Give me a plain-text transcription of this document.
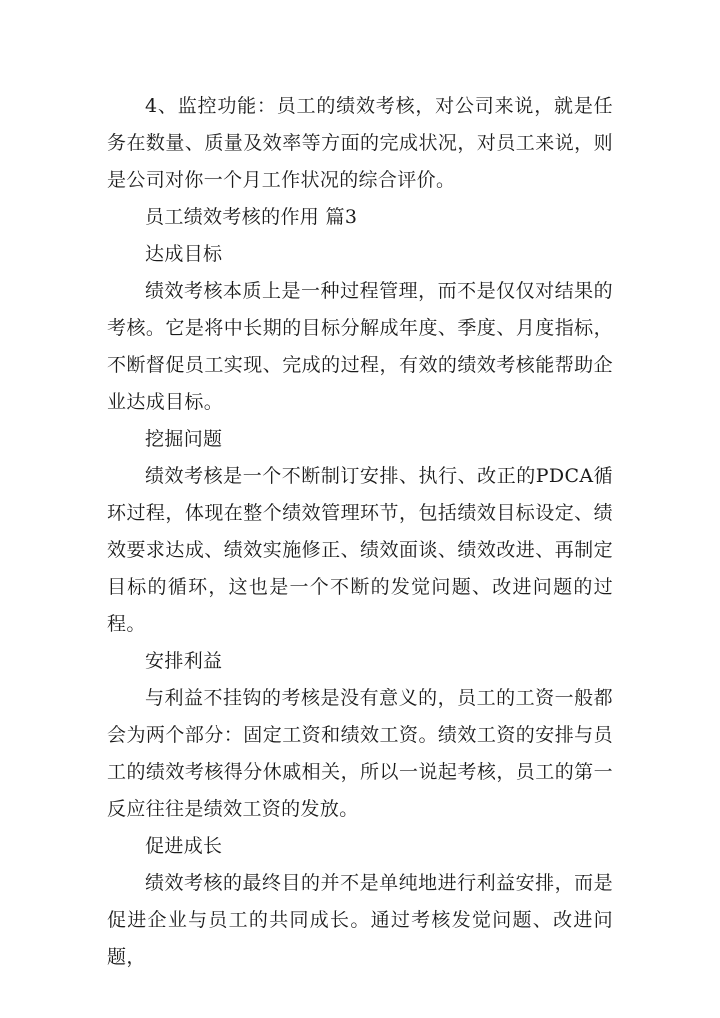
4、监控功能：员工的绩效考核，对公司来说，就是任务在数量、质量及效率等方面的完成状况，对员工来说，则是公司对你一个月工作状况的综合评价。

员工绩效考核的作用 篇3

达成目标

绩效考核本质上是一种过程管理，而不是仅仅对结果的考核。它是将中长期的目标分解成年度、季度、月度指标，不断督促员工实现、完成的过程，有效的绩效考核能帮助企业达成目标。

挖掘问题

绩效考核是一个不断制订安排、执行、改正的PDCA循环过程，体现在整个绩效管理环节，包括绩效目标设定、绩效要求达成、绩效实施修正、绩效面谈、绩效改进、再制定目标的循环，这也是一个不断的发觉问题、改进问题的过程。

安排利益

与利益不挂钩的考核是没有意义的，员工的工资一般都会为两个部分：固定工资和绩效工资。绩效工资的安排与员工的绩效考核得分休戚相关，所以一说起考核，员工的第一反应往往是绩效工资的发放。

促进成长

绩效考核的最终目的并不是单纯地进行利益安排，而是促进企业与员工的共同成长。通过考核发觉问题、改进问题，
